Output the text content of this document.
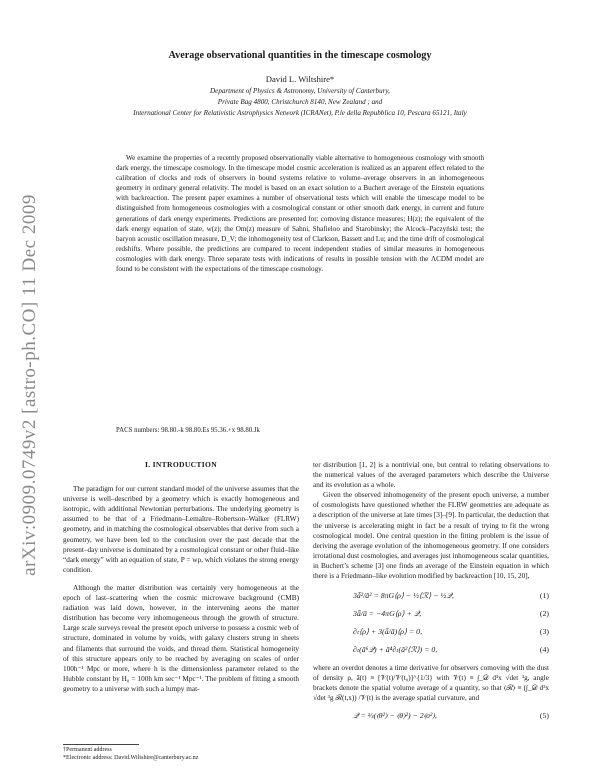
arXiv:0909.0749v2 [astro-ph.CO] 11 Dec 2009
Average observational quantities in the timescape cosmology
David L. Wiltshire*
Department of Physics & Astronomy, University of Canterbury,
Private Bag 4800, Christchurch 8140, New Zealand ; and
International Center for Relativistic Astrophysics Network (ICRANet), P.le della Repubblica 10, Pescara 65121, Italy
We examine the properties of a recently proposed observationally viable alternative to homogeneous cosmology with smooth dark energy, the timescape cosmology. In the timescape model cosmic acceleration is realized as an apparent effect related to the calibration of clocks and rods of observers in bound systems relative to volume–average observers in an inhomogeneous geometry in ordinary general relativity. The model is based on an exact solution to a Buchert average of the Einstein equations with backreaction. The present paper examines a number of observational tests which will enable the timescape model to be distinguished from homogeneous cosmologies with a cosmological constant or other smooth dark energy, in current and future generations of dark energy experiments. Predictions are presented for: comoving distance measures; H(z); the equivalent of the dark energy equation of state, w(z); the Om(z) measure of Sahni, Shafieloo and Starobinsky; the Alcock–Paczyński test; the baryon acoustic oscillation measure, D_V; the inhomogeneity test of Clarkson, Bassett and Lu; and the time drift of cosmological redshifts. Where possible, the predictions are compared to recent independent studies of similar measures in homogeneous cosmologies with dark energy. Three separate tests with indications of results in possible tension with the ΛCDM model are found to be consistent with the expectations of the timescape cosmology.
PACS numbers: 98.80.-k 98.80.Es 95.36.+x 98.80.Jk
I. INTRODUCTION

The paradigm for our current standard model of the universe assumes that the universe is well–described by a geometry which is exactly homogeneous and isotropic, with additional Newtonian perturbations. The underlying geometry is assumed to be that of a Friedmann–Lemaître–Robertson–Walker (FLRW) geometry, and in matching the cosmological observables that derive from such a geometry, we have been led to the conclusion over the past decade that the present–day universe is dominated by a cosmological constant or other fluid–like “dark energy” with an equation of state, P = wρ, which violates the strong energy condition.

Although the matter distribution was certainly very homogeneous at the epoch of last–scattering when the cosmic microwave background (CMB) radiation was laid down, however, in the intervening aeons the matter distribution has become very inhomogeneous through the growth of structure. Large scale surveys reveal the present epoch universe to possess a cosmic web of structure, dominated in volume by voids, with galaxy clusters strung in sheets and filaments that surround the voids, and thread them. Statistical homogeneity of this structure appears only to be reached by averaging on scales of order 100h⁻¹ Mpc or more, where h is the dimensionless parameter related to the Hubble constant by H₀ = 100h km sec⁻¹ Mpc⁻¹. The problem of fitting a smooth geometry to a universe with such a lumpy mat-

ter distribution [1, 2] is a nontrivial one, but central to relating observations to the numerical values of the averaged parameters which describe the Universe and its evolution as a whole.

Given the observed inhomogeneity of the present epoch universe, a number of cosmologists have questioned whether the FLRW geometries are adequate as a description of the universe at late times [3]–[9]. In particular, the deduction that the universe is accelerating might in fact be a result of trying to fit the wrong cosmological model. One central question in the fitting problem is the issue of deriving the average evolution of the inhomogeneous geometry. If one considers irrotational dust cosmologies, and averages just inhomogeneous scalar quantities, in Buchert’s scheme [3] one finds an average of the Einstein equation in which there is a Friedmann–like evolution modified by backreaction [10, 15, 20],

3ǡ²/ā² = 8πG⟨ρ⟩ − ½⟨ℛ⟩ − ½𝒬,	(1)
3ǟ/ā = −4πG⟨ρ⟩ + 𝒬,	(2)
∂ₜ⟨ρ⟩ + 3(ǡ/ā)⟨ρ⟩ = 0,	(3)
∂ₜ(ā⁶𝒬) + ā⁴∂ₜ(ā²⟨ℛ⟩) = 0,	(4)

where an overdot denotes a time derivative for observers comoving with the dust of density ρ, ā(t) ≡ [𝒱(t)/𝒱(t₀)]^{1/3} with 𝒱(t) ≡ ∫_𝒟 d³x √det ³g, angle brackets denote the spatial volume average of a quantity, so that ⟨ℛ⟩ ≡ (∫_𝒟 d³x √det ³g ℛ(t,x)) /𝒱(t) is the average spatial curvature, and

𝒬 = ⅔(⟨θ²⟩ − ⟨θ⟩²) − 2⟨σ²⟩,	(5)
†Permanent address
*Electronic address: David.Wiltshire@canterbury.ac.nz
